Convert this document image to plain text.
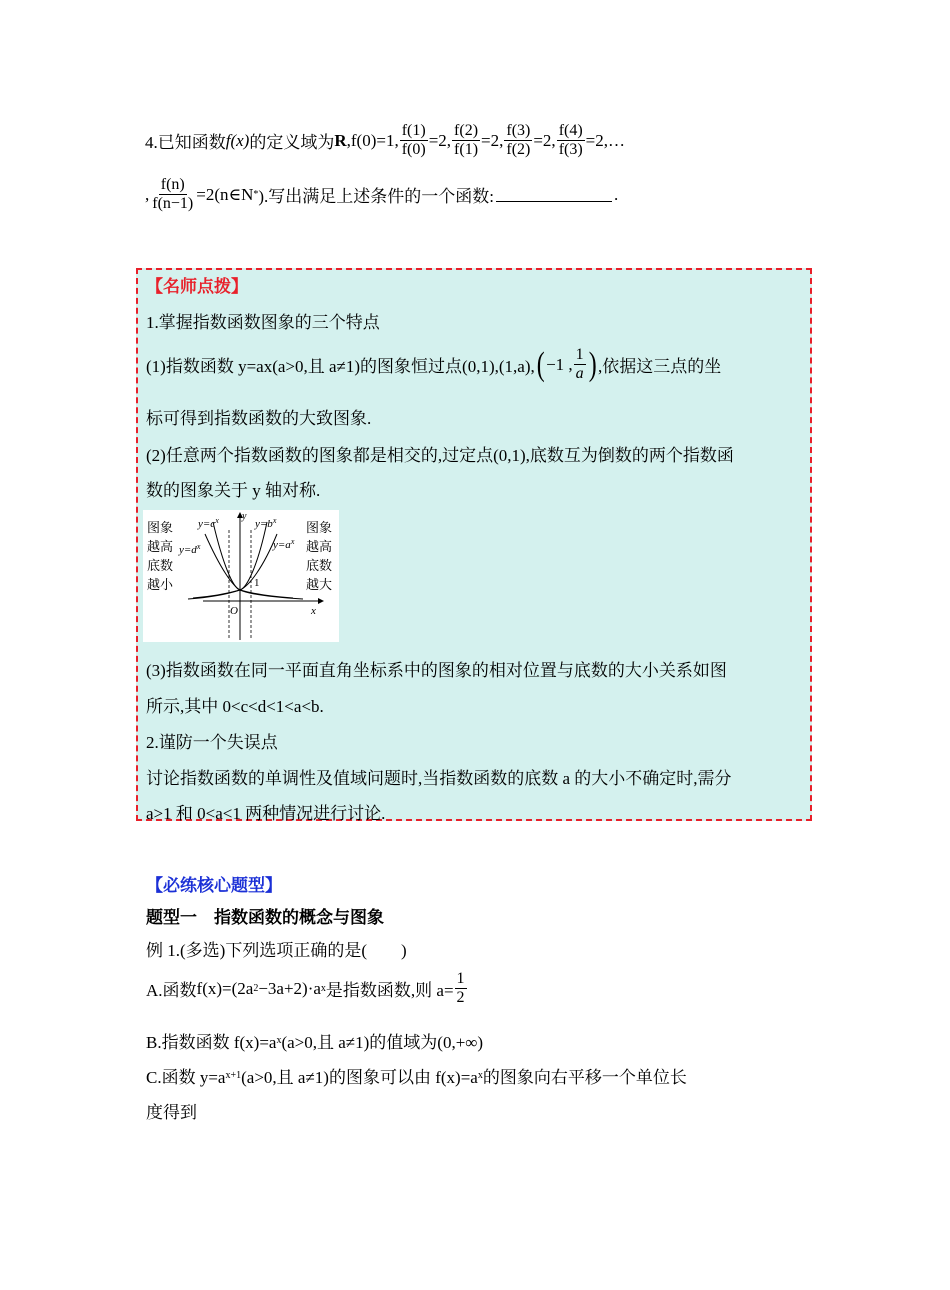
4.已知函数 f(x) 的定义域为 R ,f(0)=1, $\frac{f(1)}{f(0)} =2$, $\frac{f(2)}{f(1)} =2$, $\frac{f(3)}{f(2)} =2$, $\frac{f(4)}{f(3)}$ =2,…
, $\frac{f(n)}{f(n-1)}$ =2(n∈N * ).写出满足上述条件的一个函数:	.
【名师点拨】
1.掌握指数函数图象的三个特点
(1)指数函数 y=ax(a>0,且 a≠1)的图象恒过点(0,1),(1,a), ( −1 , $\frac{1}{a}$ ) ,依据这三点的坐
标可得到指数函数的大致图象.
(2)任意两个指数函数的图象都是相交的,过定点(0,1),底数互为倒数的两个指数函
数的图象关于 y 轴对称.
$y=c^x$
$y=d^x$
$y=b^x$
$y=a^x$
y
x
O
1
图象
越高
底数
越小
图象
越高
底数
越大
(3)指数函数在同一平面直角坐标系中的图象的相对位置与底数的大小关系如图
所示,其中 0<c<d<1<a<b.
2.谨防一个失误点
讨论指数函数的单调性及值域问题时,当指数函数的底数 a 的大小不确定时,需分
a>1 和 0<a<1 两种情况进行讨论.
【必练核心题型】
题型一　指数函数的概念与图象
例 1.(多选)下列选项正确的是(　　)
A.函数 f(x)=(2a 2 −3a+2)·a x 是指数函数,则 $a= \frac{1}{2}$
B.指数函数 f(x)=a x (a>0,且 a≠1)的值域为(0,+∞)
C.函数 y=a x+1 (a>0,且 a≠1)的图象可以由 f(x)=a x 的图象向右平移一个单位长
度得到
